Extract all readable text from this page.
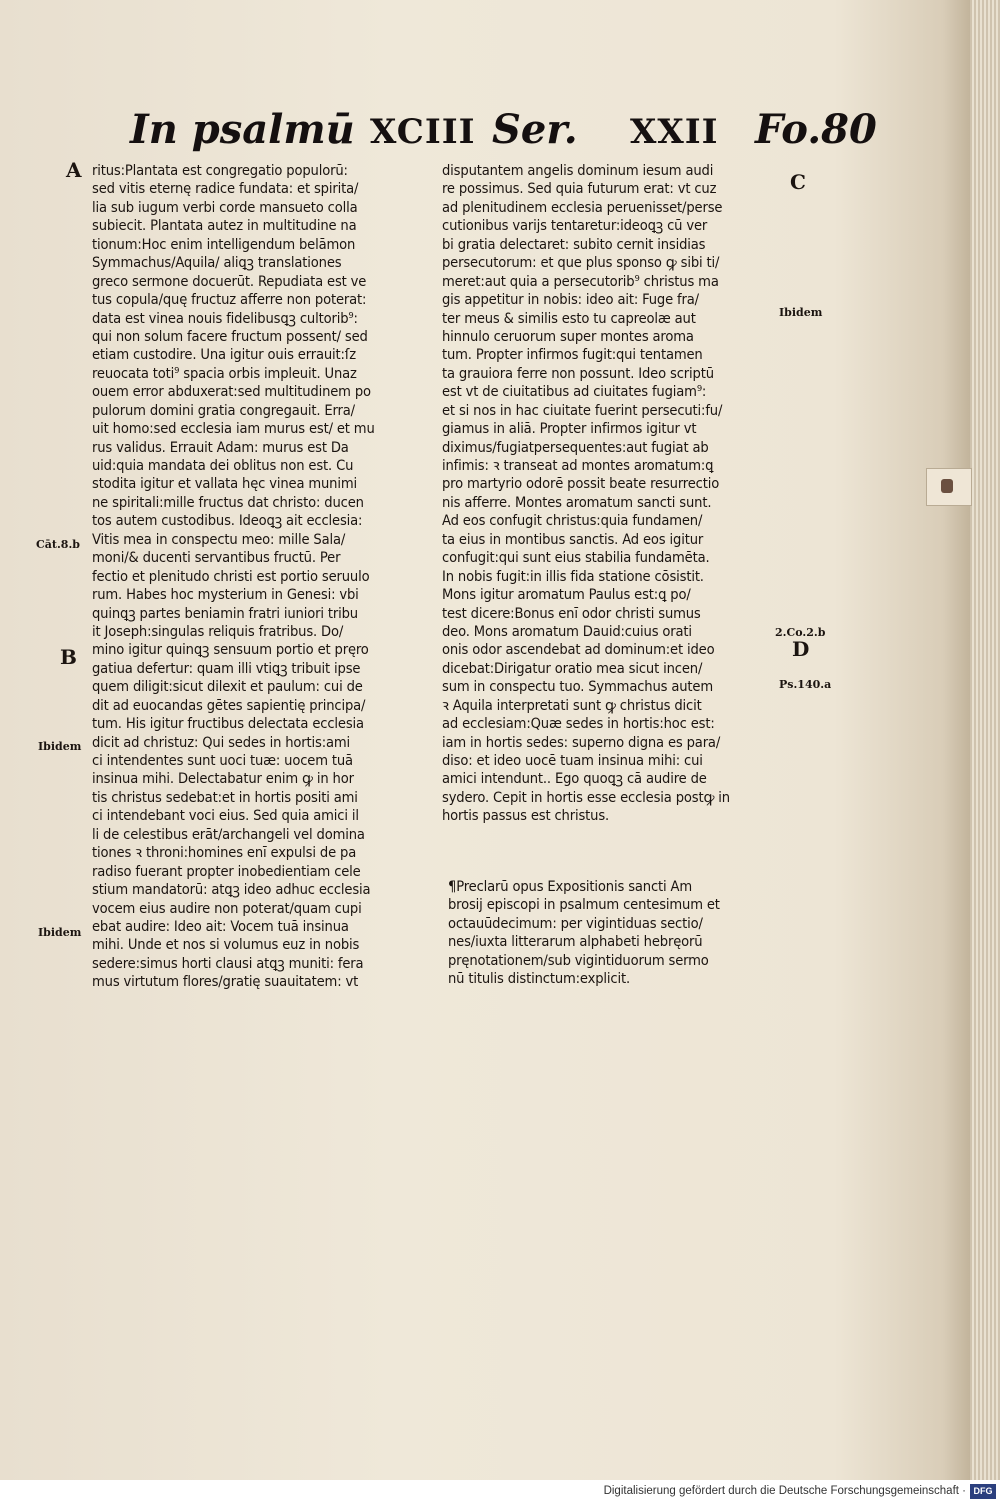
In psalmū XCIII Ser. XXII Fo.80
ritus:Plantata est congregatio populorū:
sed vitis eternę radice fundata: et spirita/
lia sub iugum verbi corde mansueto colla
subiecit. Plantata autez in multitudine na
tionum:Hoc enim intelligendum belāmon
Symmachus/Aquila/ aliꝗꝫ translationes
greco sermone docuerūt. Repudiata est ve
tus copula/quę fructuz afferre non poterat:
data est vinea nouis fidelibusꝗꝫ cultorib⁹:
qui non solum facere fructum possent/ sed
etiam custodire. Una igitur ouis errauit:ſz
reuocata toti⁹ spacia orbis impleuit. Unaz
ouem error abduxerat:sed multitudinem po
pulorum domini gratia congregauit. Erra/
uit homo:sed ecclesia iam murus est/ et mu
rus validus. Errauit Adam: murus est Da
uid:quia mandata dei oblitus non est. Cu
stodita igitur et vallata hęc vinea munimi
ne spiritali:mille fructus dat christo: ducen
tos autem custodibus. Ideoꝗꝫ ait ecclesia:
Vitis mea in conspectu meo: mille Sala/
moni/& ducenti servantibus fructū. Per
fectio et plenitudo christi est portio seruulo
rum. Habes hoc mysterium in Genesi: vbi
quinꝗꝫ partes beniamin fratri iuniori tribu
it Joseph:singulas reliquis fratribus. Do/
mino igitur quinꝗꝫ sensuum portio et pręro
gatiua defertur: quam illi vtiꝗꝫ tribuit ipse
quem diligit:sicut dilexit et paulum: cui de
dit ad euocandas gētes sapientię principa/
tum. His igitur fructibus delectata ecclesia
dicit ad christuz: Qui sedes in hortis:ami
ci intendentes sunt uoci tuæ: uocem tuā
insinua mihi. Delectabatur enim ꝙ in hor
tis christus sedebat:et in hortis positi ami
ci intendebant voci eius. Sed quia amici il
li de celestibus erāt/archangeli vel domina
tiones ꝛ throni:homines enī expulsi de pa
radiso fuerant propter inobedientiam cele
stium mandatorū: atꝗꝫ ideo adhuc ecclesia
vocem eius audire non poterat/quam cupi
ebat audire: Ideo ait: Vocem tuā insinua
mihi. Unde et nos si volumus euz in nobis
sedere:simus horti clausi atꝗꝫ muniti: fera
mus virtutum flores/gratię suauitatem: vt
disputantem angelis dominum iesum audi
re possimus. Sed quia futurum erat: vt cuz
ad plenitudinem ecclesia peruenisset/perse
cutionibus varijs tentaretur:ideoꝗꝫ cū ver
bi gratia delectaret: subito cernit insidias
persecutorum: et que plus sponso ꝙ sibi ti/
meret:aut quia a persecutorib⁹ christus ma
gis appetitur in nobis: ideo ait: Fuge fra/
ter meus & similis esto tu capreolæ aut
hinnulo ceruorum super montes aroma
tum. Propter infirmos fugit:qui tentamen
ta grauiora ferre non possunt. Ideo scriptū
est vt de ciuitatibus ad ciuitates fugiam⁹:
et si nos in hac ciuitate fuerint persecuti:fu/
giamus in aliā. Propter infirmos igitur vt
diximus/fugiatpersequentes:aut fugiat ab
infimis: ꝛ transeat ad montes aromatum:ꝗ
pro martyrio odorē possit beate resurrectio
nis afferre. Montes aromatum sancti sunt.
Ad eos confugit christus:quia fundamen/
ta eius in montibus sanctis. Ad eos igitur
confugit:qui sunt eius stabilia fundamēta.
In nobis fugit:in illis fida statione cōsistit.
Mons igitur aromatum Paulus est:ꝗ po/
test dicere:Bonus enī odor christi sumus
deo. Mons aromatum Dauid:cuius orati
onis odor ascendebat ad dominum:et ideo
dicebat:Dirigatur oratio mea sicut incen/
sum in conspectu tuo. Symmachus autem
ꝛ Aquila interpretati sunt ꝙ christus dicit
ad ecclesiam:Quæ sedes in hortis:hoc est:
iam in hortis sedes: superno digna es para/
diso: et ideo uocē tuam insinua mihi: cui
amici intendunt.. Ego quoꝗꝫ cā audire de
sydero. Cepit in hortis esse ecclesia postꝙ in
hortis passus est christus.
¶Preclarū opus Expositionis sancti Am
brosij episcopi in psalmum centesimum et
octauūdecimum: per vigintiduas sectio/
nes/iuxta litterarum alphabeti hebręorū
pręnotationem/sub vigintiduorum sermo
nū titulis distinctum:explicit.
A
Cāt.8.b
B
Ibidem
Ibidem
C
Ibidem
2.Co.2.b
D
Ps.140.a
Digitalisierung gefördert durch die Deutsche Forschungsgemeinschaft · DFG
